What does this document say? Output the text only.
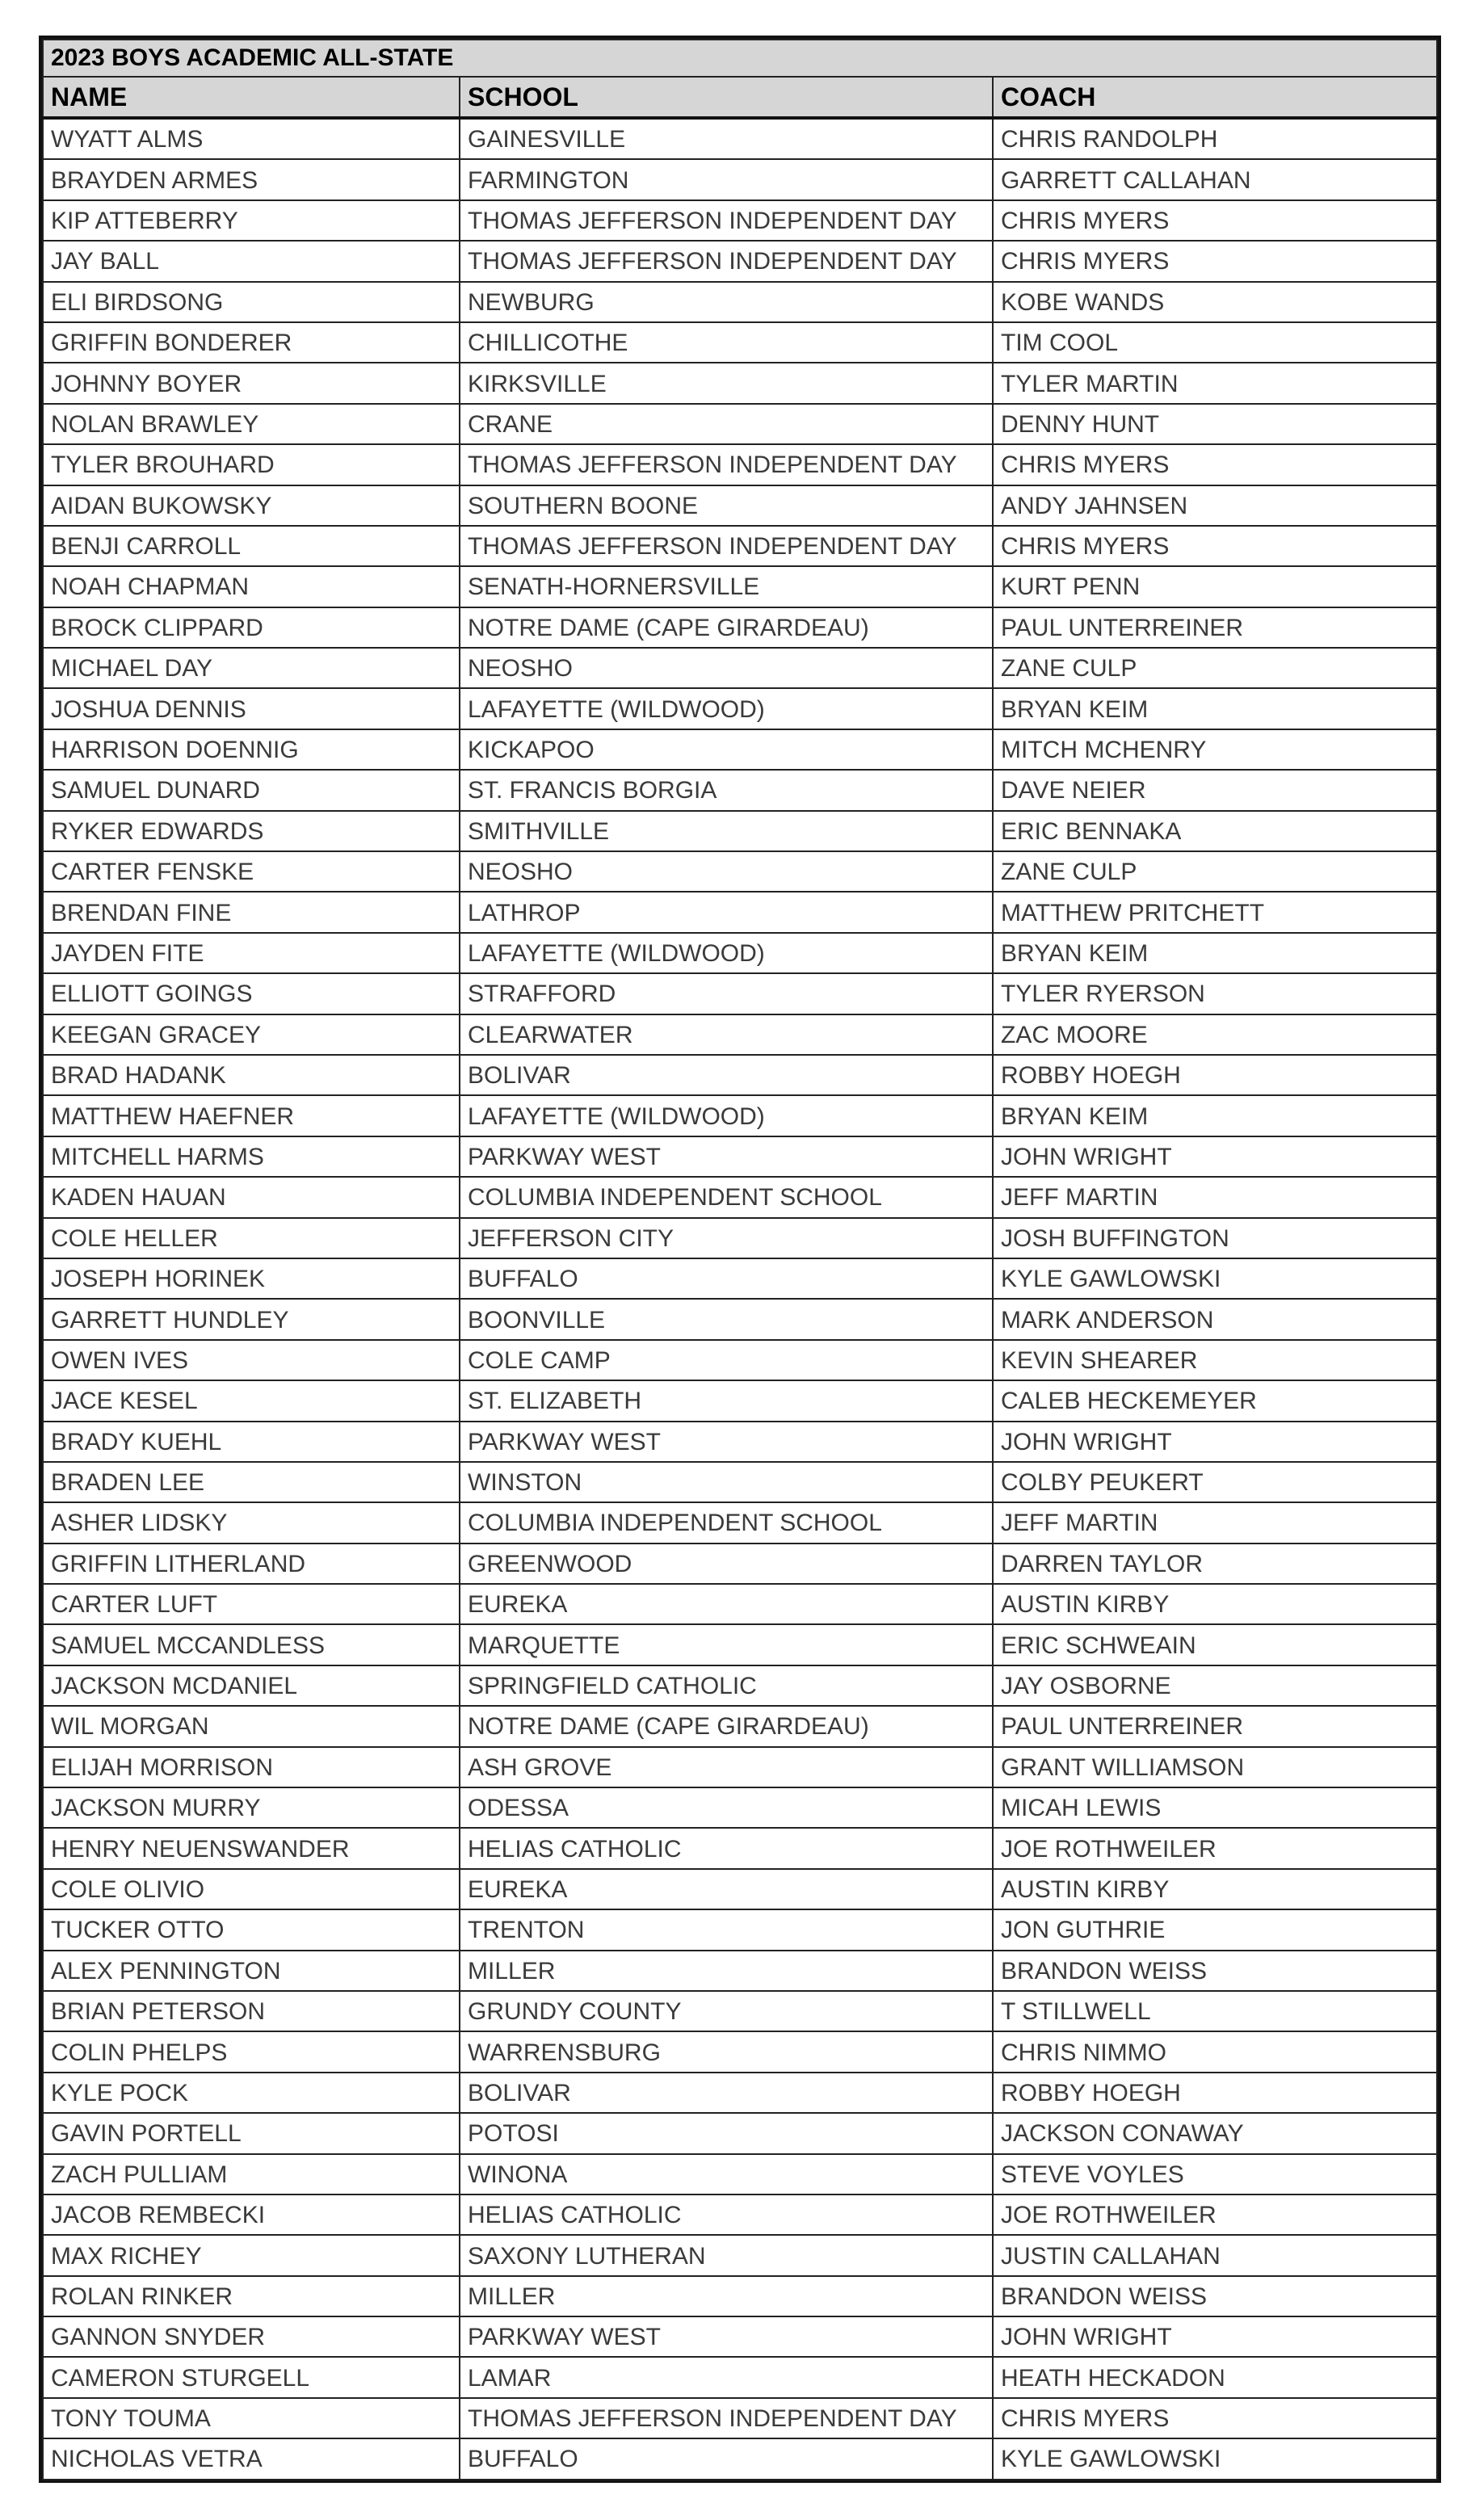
2023 BOYS ACADEMIC ALL-STATE		
NAME	SCHOOL	COACH
WYATT ALMS	GAINESVILLE	CHRIS RANDOLPH
BRAYDEN ARMES	FARMINGTON	GARRETT CALLAHAN
KIP ATTEBERRY	THOMAS JEFFERSON INDEPENDENT DAY	CHRIS MYERS
JAY BALL	THOMAS JEFFERSON INDEPENDENT DAY	CHRIS MYERS
ELI BIRDSONG	NEWBURG	KOBE WANDS
GRIFFIN BONDERER	CHILLICOTHE	TIM COOL
JOHNNY BOYER	KIRKSVILLE	TYLER MARTIN
NOLAN BRAWLEY	CRANE	DENNY HUNT
TYLER BROUHARD	THOMAS JEFFERSON INDEPENDENT DAY	CHRIS MYERS
AIDAN BUKOWSKY	SOUTHERN BOONE	ANDY JAHNSEN
BENJI CARROLL	THOMAS JEFFERSON INDEPENDENT DAY	CHRIS MYERS
NOAH CHAPMAN	SENATH-HORNERSVILLE	KURT PENN
BROCK CLIPPARD	NOTRE DAME (CAPE GIRARDEAU)	PAUL UNTERREINER
MICHAEL DAY	NEOSHO	ZANE CULP
JOSHUA DENNIS	LAFAYETTE (WILDWOOD)	BRYAN KEIM
HARRISON DOENNIG	KICKAPOO	MITCH MCHENRY
SAMUEL DUNARD	ST. FRANCIS BORGIA	DAVE NEIER
RYKER EDWARDS	SMITHVILLE	ERIC BENNAKA
CARTER FENSKE	NEOSHO	ZANE CULP
BRENDAN FINE	LATHROP	MATTHEW PRITCHETT
JAYDEN FITE	LAFAYETTE (WILDWOOD)	BRYAN KEIM
ELLIOTT GOINGS	STRAFFORD	TYLER RYERSON
KEEGAN GRACEY	CLEARWATER	ZAC MOORE
BRAD HADANK	BOLIVAR	ROBBY HOEGH
MATTHEW HAEFNER	LAFAYETTE (WILDWOOD)	BRYAN KEIM
MITCHELL HARMS	PARKWAY WEST	JOHN WRIGHT
KADEN HAUAN	COLUMBIA INDEPENDENT SCHOOL	JEFF MARTIN
COLE HELLER	JEFFERSON CITY	JOSH BUFFINGTON
JOSEPH HORINEK	BUFFALO	KYLE GAWLOWSKI
GARRETT HUNDLEY	BOONVILLE	MARK ANDERSON
OWEN IVES	COLE CAMP	KEVIN SHEARER
JACE KESEL	ST. ELIZABETH	CALEB HECKEMEYER
BRADY KUEHL	PARKWAY WEST	JOHN WRIGHT
BRADEN LEE	WINSTON	COLBY PEUKERT
ASHER LIDSKY	COLUMBIA INDEPENDENT SCHOOL	JEFF MARTIN
GRIFFIN LITHERLAND	GREENWOOD	DARREN TAYLOR
CARTER LUFT	EUREKA	AUSTIN KIRBY
SAMUEL MCCANDLESS	MARQUETTE	ERIC SCHWEAIN
JACKSON MCDANIEL	SPRINGFIELD CATHOLIC	JAY OSBORNE
WIL MORGAN	NOTRE DAME (CAPE GIRARDEAU)	PAUL UNTERREINER
ELIJAH MORRISON	ASH GROVE	GRANT WILLIAMSON
JACKSON MURRY	ODESSA	MICAH LEWIS
HENRY NEUENSWANDER	HELIAS CATHOLIC	JOE ROTHWEILER
COLE OLIVIO	EUREKA	AUSTIN KIRBY
TUCKER OTTO	TRENTON	JON GUTHRIE
ALEX PENNINGTON	MILLER	BRANDON WEISS
BRIAN PETERSON	GRUNDY COUNTY	T STILLWELL
COLIN PHELPS	WARRENSBURG	CHRIS NIMMO
KYLE POCK	BOLIVAR	ROBBY HOEGH
GAVIN PORTELL	POTOSI	JACKSON CONAWAY
ZACH PULLIAM	WINONA	STEVE VOYLES
JACOB REMBECKI	HELIAS CATHOLIC	JOE ROTHWEILER
MAX RICHEY	SAXONY LUTHERAN	JUSTIN CALLAHAN
ROLAN RINKER	MILLER	BRANDON WEISS
GANNON SNYDER	PARKWAY WEST	JOHN WRIGHT
CAMERON STURGELL	LAMAR	HEATH HECKADON
TONY TOUMA	THOMAS JEFFERSON INDEPENDENT DAY	CHRIS MYERS
NICHOLAS VETRA	BUFFALO	KYLE GAWLOWSKI
